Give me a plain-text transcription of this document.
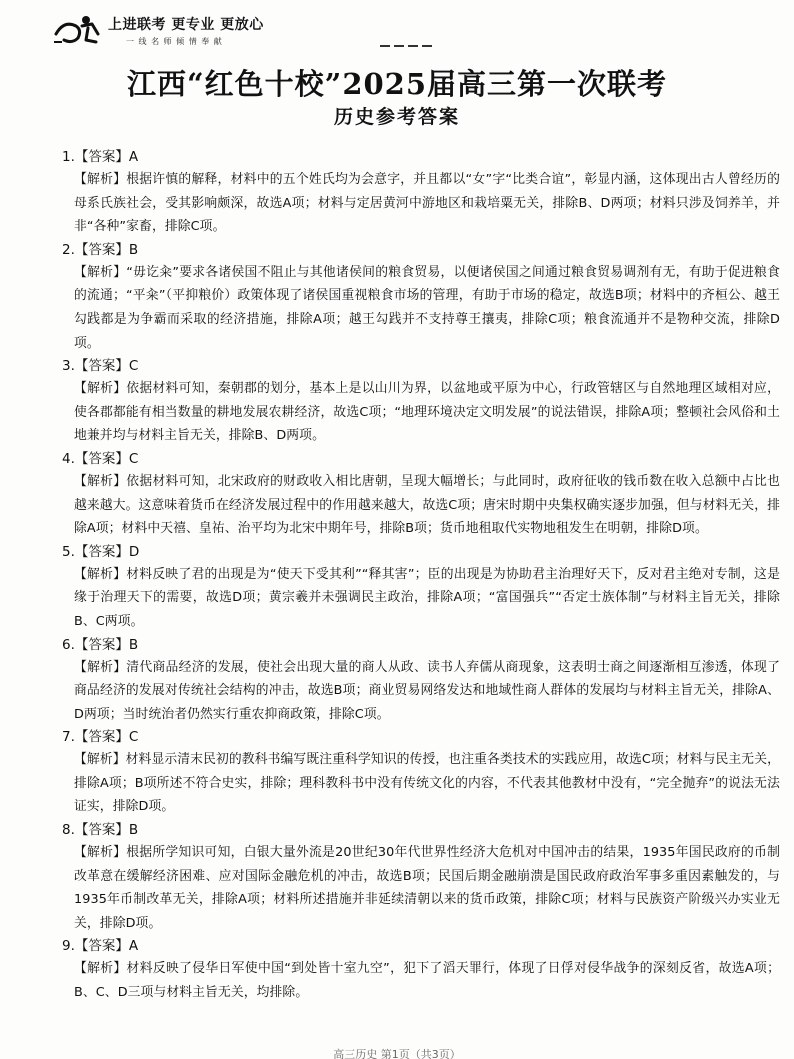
上进联考 更专业 更放心
一 线 名 师 倾 情 奉 献
江西“红色十校”2025届高三第一次联考
历史参考答案
1.【答案】A
【解析】根据许慎的解释，材料中的五个姓氏均为会意字，并且都以“女”字“比类合谊”，彰显内涵，这体现出古人曾经历的母系氏族社会，受其影响颇深，故选A项；材料与定居黄河中游地区和栽培粟无关，排除B、D两项；材料只涉及饲养羊，并非“各种”家畜，排除C项。
2.【答案】B
【解析】“毋讫籴”要求各诸侯国不阻止与其他诸侯间的粮食贸易，以便诸侯国之间通过粮食贸易调剂有无，有助于促进粮食的流通；“平籴”（平抑粮价）政策体现了诸侯国重视粮食市场的管理，有助于市场的稳定，故选B项；材料中的齐桓公、越王勾践都是为争霸而采取的经济措施，排除A项；越王勾践并不支持尊王攘夷，排除C项；粮食流通并不是物种交流，排除D项。
3.【答案】C
【解析】依据材料可知，秦朝郡的划分，基本上是以山川为界，以盆地或平原为中心，行政管辖区与自然地理区域相对应，使各郡都能有相当数量的耕地发展农耕经济，故选C项；“地理环境决定文明发展”的说法错误，排除A项；整顿社会风俗和土地兼并均与材料主旨无关，排除B、D两项。
4.【答案】C
【解析】依据材料可知，北宋政府的财政收入相比唐朝，呈现大幅增长；与此同时，政府征收的钱币数在收入总额中占比也越来越大。这意味着货币在经济发展过程中的作用越来越大，故选C项；唐宋时期中央集权确实逐步加强，但与材料无关，排除A项；材料中天禧、皇祐、治平均为北宋中期年号，排除B项；货币地租取代实物地租发生在明朝，排除D项。
5.【答案】D
【解析】材料反映了君的出现是为“使天下受其利”“释其害”；臣的出现是为协助君主治理好天下，反对君主绝对专制，这是缘于治理天下的需要，故选D项；黄宗羲并未强调民主政治，排除A项；“富国强兵”“否定士族体制”与材料主旨无关，排除B、C两项。
6.【答案】B
【解析】清代商品经济的发展，使社会出现大量的商人从政、读书人弃儒从商现象，这表明士商之间逐渐相互渗透，体现了商品经济的发展对传统社会结构的冲击，故选B项；商业贸易网络发达和地域性商人群体的发展均与材料主旨无关，排除A、D两项；当时统治者仍然实行重农抑商政策，排除C项。
7.【答案】C
【解析】材料显示清末民初的教科书编写既注重科学知识的传授，也注重各类技术的实践应用，故选C项；材料与民主无关，排除A项；B项所述不符合史实，排除；理科教科书中没有传统文化的内容，不代表其他教材中没有，“完全抛弃”的说法无法证实，排除D项。
8.【答案】B
【解析】根据所学知识可知，白银大量外流是20世纪30年代世界性经济大危机对中国冲击的结果，1935年国民政府的币制改革意在缓解经济困难、应对国际金融危机的冲击，故选B项；民国后期金融崩溃是国民政府政治军事多重因素触发的，与1935年币制改革无关，排除A项；材料所述措施并非延续清朝以来的货币政策，排除C项；材料与民族资产阶级兴办实业无关，排除D项。
9.【答案】A
【解析】材料反映了侵华日军使中国“到处皆十室九空”，犯下了滔天罪行，体现了日俘对侵华战争的深刻反省，故选A项；B、C、D三项与材料主旨无关，均排除。
高三历史 第1页（共3页）
